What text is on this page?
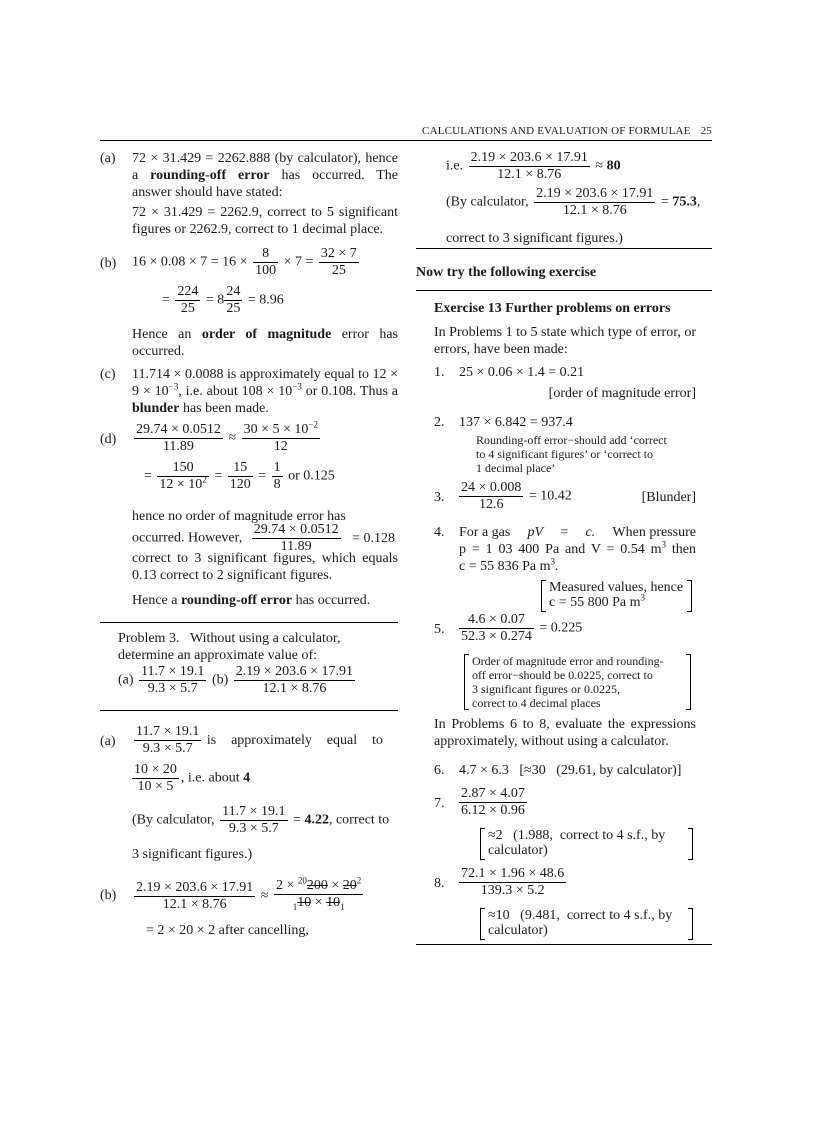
CALCULATIONS AND EVALUATION OF FORMULAE 25
(a) 72 × 31.429 = 2262.888 (by calculator), hence a rounding-off error has occurred. The answer should have stated:
72 × 31.429 = 2262.9, correct to 5 significant figures or 2262.9, correct to 1 decimal place.
(b) $16 \times 0.08 \times 7 = 16 \times \frac{8}{100} \times 7 = \frac{32 \times 7}{25}$
= $\frac{224}{25} = 8 \frac{24}{25} = 8.96$
Hence an order of magnitude error has occurred.
(c) 11.714 × 0.0088 is approximately equal to $12 \times 9 \times 10^{-3}$, i.e. about $108 \times 10^{-3}$ or 0.108. Thus a blunder has been made.
$(d) \frac{29.74 \times 0.0512}{11.89} \approx \frac{30 \times 5 \times 10^{-2}}{12}$
= $\frac{150}{12 \times 10^2} = \frac{15}{120} = \frac{1}{8}$ or 0.125
hence no order of magnitude error has
occurred. However, $\frac{29.74 \times 0.0512}{11.89} = 0.128$
correct to 3 significant figures, which equals 0.13 correct to 2 significant figures.
Hence a rounding-off error has occurred.
Problem 3. Without using a calculator, determine an approximate value of:
$(a) \frac{11.7 \times 19.1}{9.3 \times 5.7} (b) \frac{2.19 \times 203.6 \times 17.91}{12.1 \times 8.76}$
$(a) \frac{11.7 \times 19.1}{9.3 \times 5.7}$ is approximately equal to
$\frac{10 \times 20}{10 \times 5}$ , i.e. about 4
(By calculator, $\frac{11.7 \times 19.1}{9.3 \times 5.7} = 4.22$, correct to
3 significant figures.)
$(b) \frac{2.19 \times 203.6 \times 17.91}{12.1 \times 8.76} \approx \frac{2 \times ^{20}200 \times 20^2}{_110 \times 10_1}$
= 2 × 20 × 2 after cancelling,
i.e. $\frac{2.19 \times 203.6 \times 17.91}{12.1 \times 8.76} \approx 80$
(By calculator, $\frac{2.19 \times 203.6 \times 17.91}{12.1 \times 8.76} = 75.3$,
correct to 3 significant figures.)
Now try the following exercise
Exercise 13 Further problems on errors
In Problems 1 to 5 state which type of error, or errors, have been made:
1. 25 × 0.06 × 1.4 = 0.21
[order of magnitude error]
2. 137 × 6.842 = 937.4
Rounding-off error−should add ‘correct
to 4 significant figures’ or ‘correct to
1 decimal place’
3. $\frac{24 \times 0.008}{12.6} = 10.42$	[Blunder]
4. For a gas pV = c. When pressure
p = 1 03 400 Pa and V = 0.54 $m^3$ then
c = 55 836 Pa $m^3$.
Measured values, hence
c = 55 800 Pa $m^3$
5. $\frac{4.6 \times 0.07}{52.3 \times 0.274} = 0.225$
Order of magnitude error and rounding-
off error−should be 0.0225, correct to
3 significant figures or 0.0225,
correct to 4 decimal places
In Problems 6 to 8, evaluate the expressions approximately, without using a calculator.
6. 4.7 × 6.3   [≈30   (29.61, by calculator)]
7. $\frac{2.87 \times 4.07}{6.12 \times 0.96}$
≈2   (1.988,  correct to 4 s.f., by
calculator)
8. $\frac{72.1 \times 1.96 \times 48.6}{139.3 \times 5.2}$
≈10   (9.481,  correct to 4 s.f., by
calculator)
